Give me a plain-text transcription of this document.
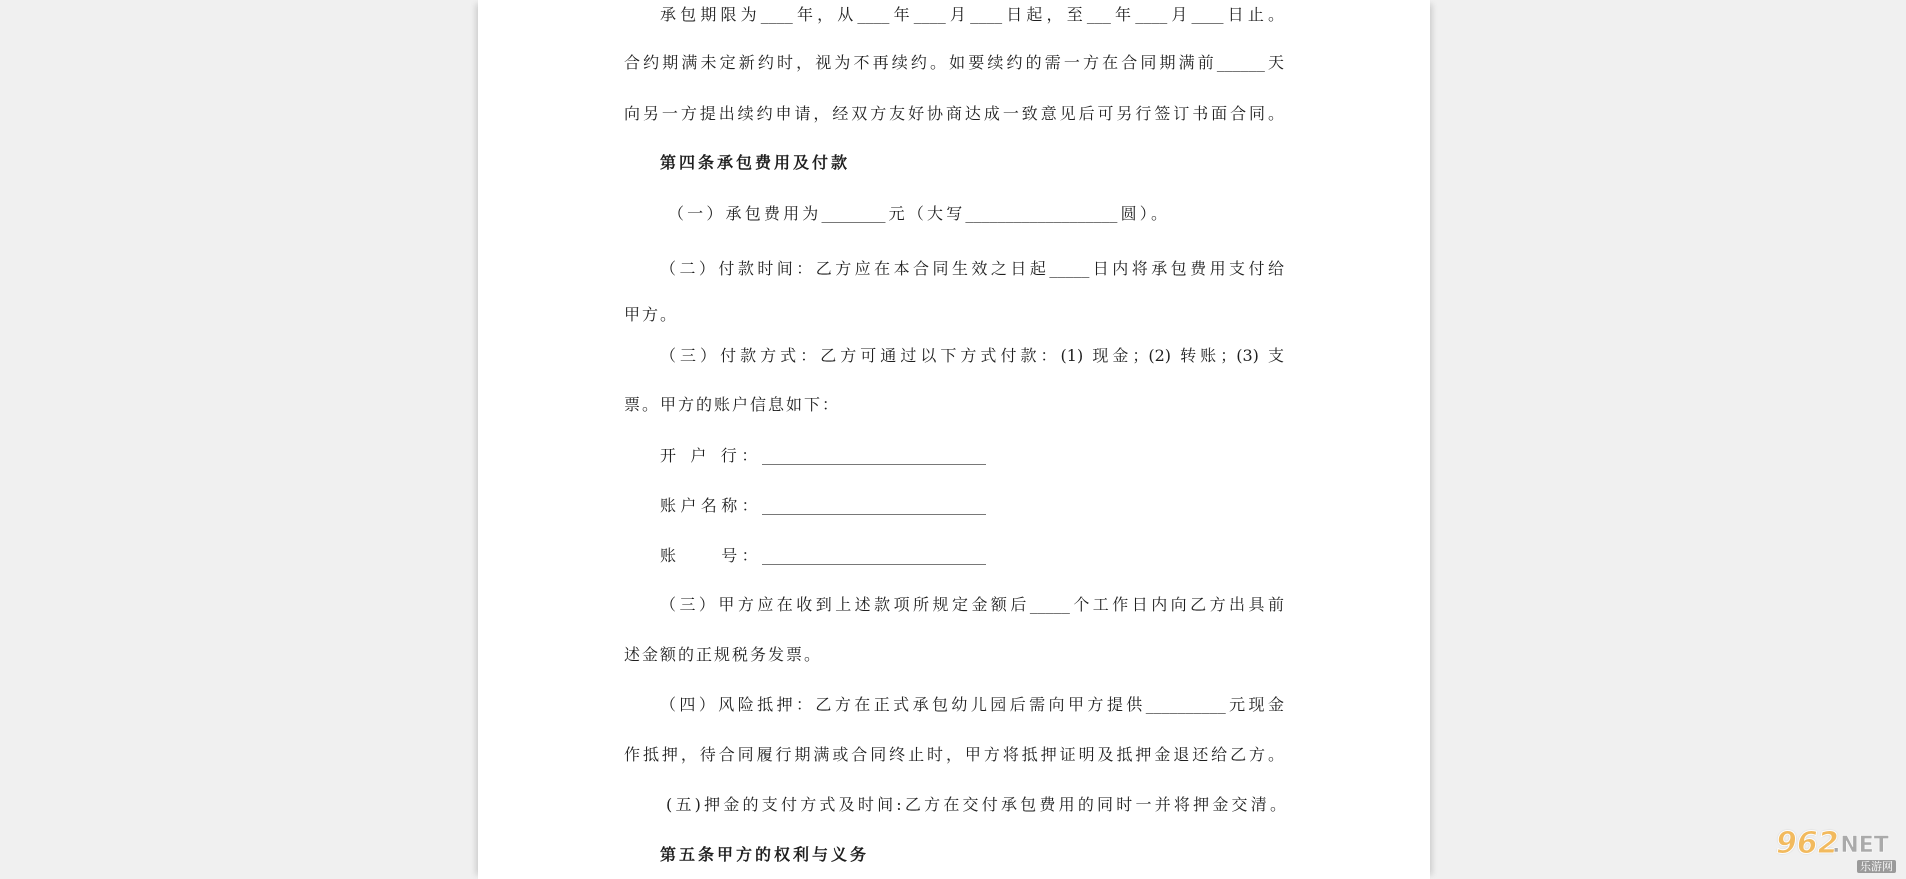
承包期限为____年，从____年____月____日起，至___年____月____日止。
合约期满未定新约时，视为不再续约。如要续约的需一方在合同期满前______天
向另一方提出续约申请，经双方友好协商达成一致意见后可另行签订书面合同。
第四条承包费用及付款
（一）承包费用为________元（大写___________________圆）。
（二）付款时间：乙方应在本合同生效之日起_____日内将承包费用支付给
甲方。
（三）付款方式：乙方可通过以下方式付款：(1) 现金；(2) 转账；(3) 支
票。甲方的账户信息如下：
开 户 行：____________________________
账户名称：____________________________
账　　号：____________________________
（三）甲方应在收到上述款项所规定金额后_____个工作日内向乙方出具前
述金额的正规税务发票。
（四）风险抵押：乙方在正式承包幼儿园后需向甲方提供__________元现金
作抵押，待合同履行期满或合同终止时，甲方将抵押证明及抵押金退还给乙方。
(五)押金的支付方式及时间:乙方在交付承包费用的同时一并将押金交清。
第五条甲方的权利与义务	962
.NET
乐游网
